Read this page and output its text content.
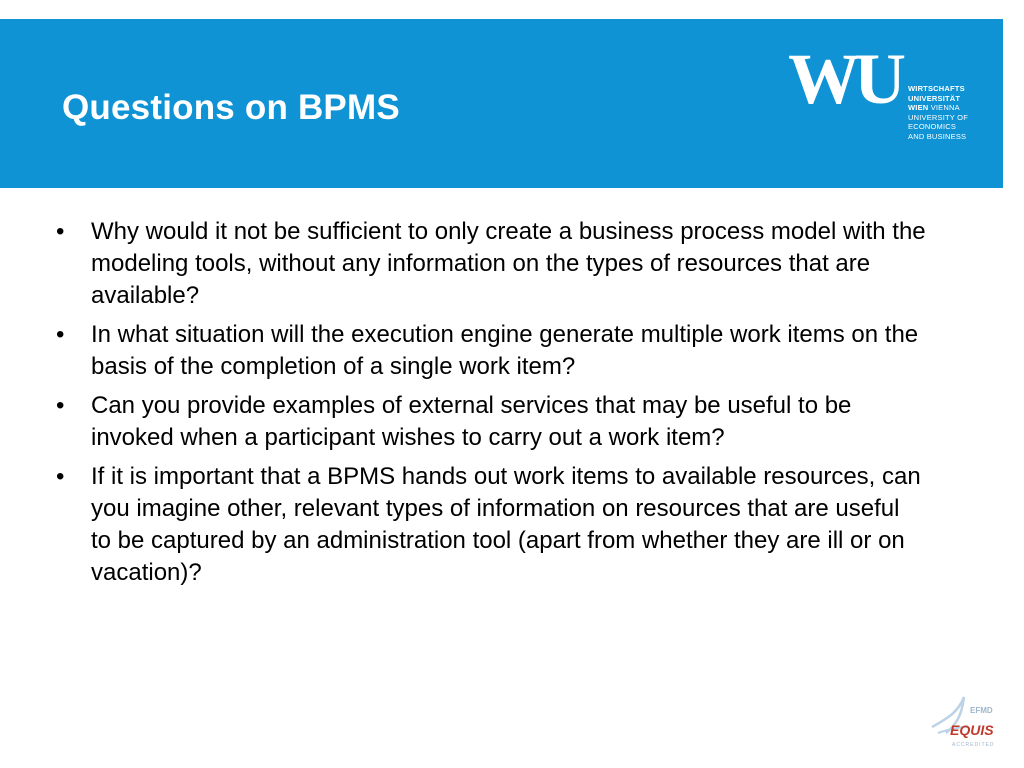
Questions on BPMS	WU	WIRTSCHAFTS
UNIVERSITÄT
WIEN VIENNA
UNIVERSITY OF
ECONOMICS
AND BUSINESS
•	Why would it not be sufficient to only create a business process model with the modeling tools, without any information on the types of resources that are available?
•	In what situation will the execution engine generate multiple work items on the basis of the completion of a single work item?
•	Can you provide examples of external services that may be useful to be invoked when a participant wishes to carry out a work item?
•	If it is important that a BPMS hands out work items to available resources, can you imagine other, relevant types of information on resources that are useful to be captured by an administration tool (apart from whether they are ill or on vacation)?
EFMD
EQUIS
ACCREDITED
